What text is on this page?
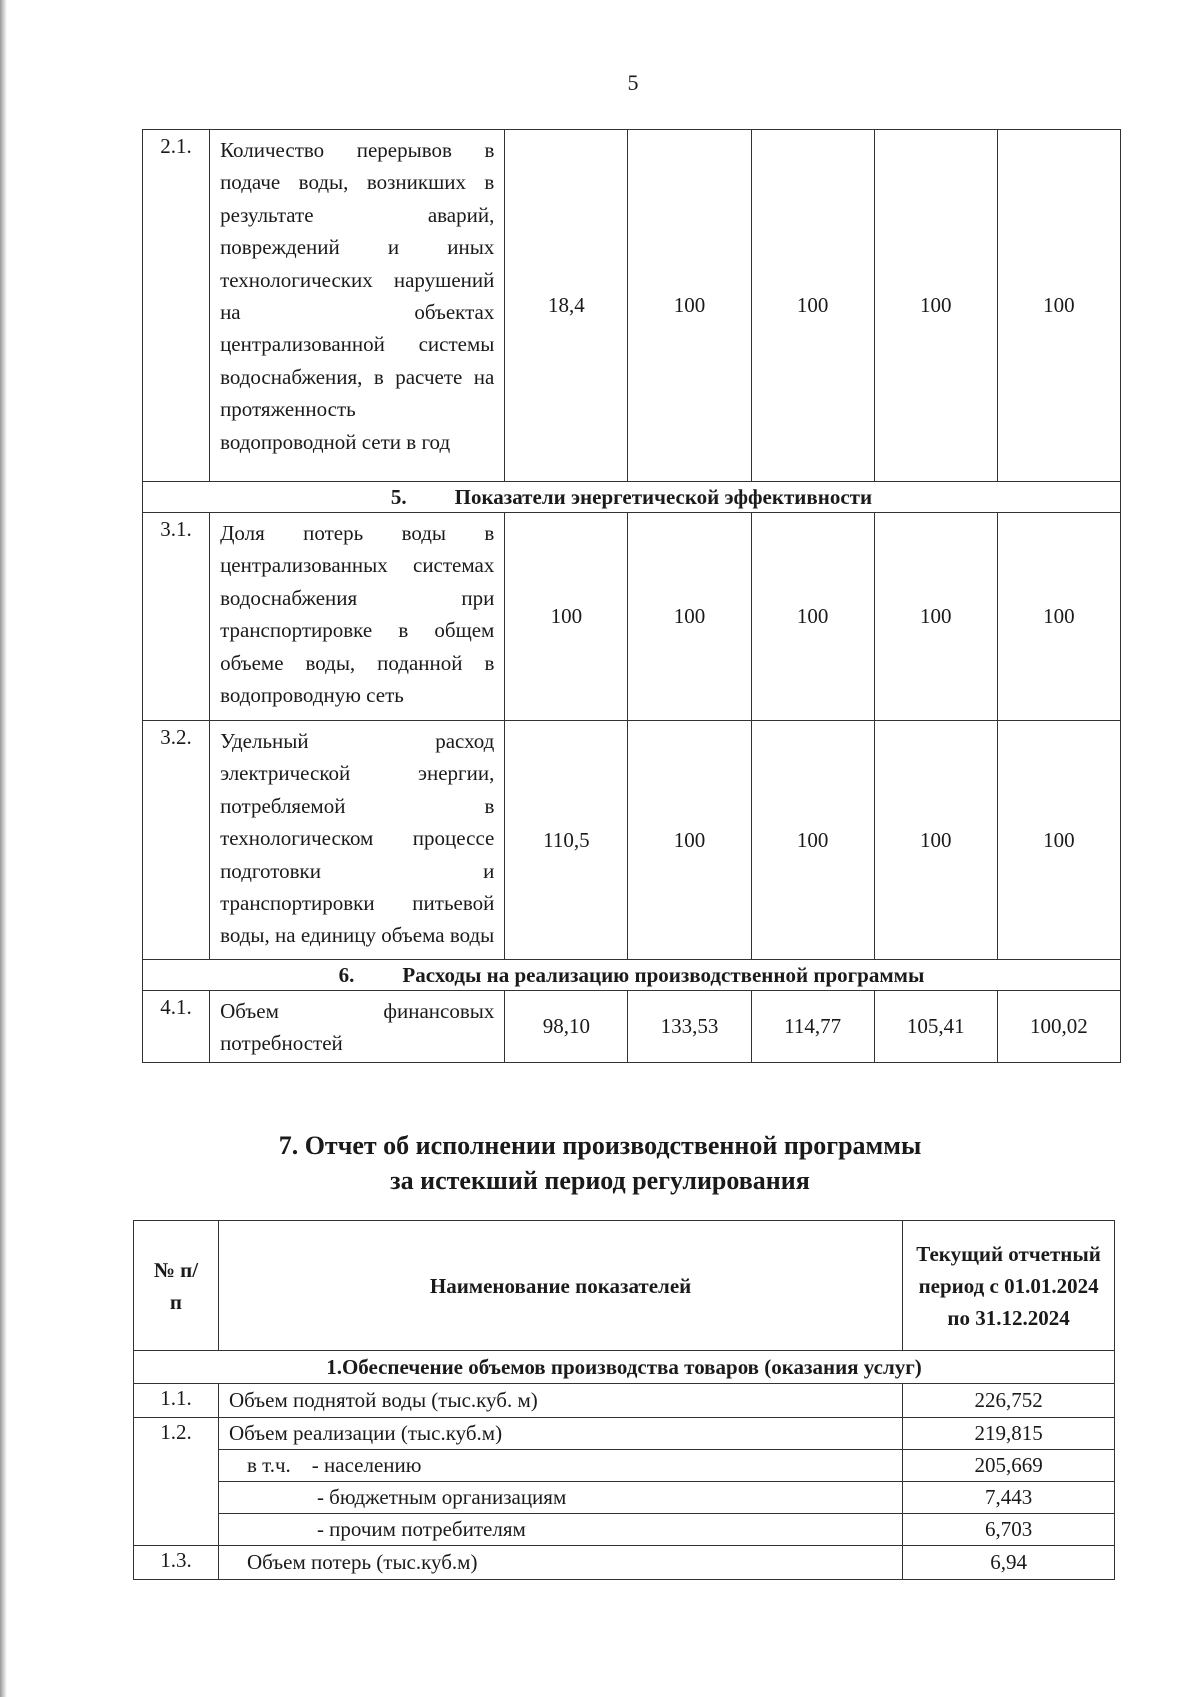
5
2.1.	Количество перерывов в подаче воды, возникших в результате аварий, повреждений и иных технологических нарушений на объектах централизованной системы водоснабжения, в расчете на протяженность водопроводной сети в год	18,4	100	100	100	100
5. Показатели энергетической эффективности						
3.1.	Доля потерь воды в централизованных системах водоснабжения при транспортировке в общем объеме воды, поданной в водопроводную сеть	100	100	100	100	100
3.2.	Удельный расход электрической энергии, потребляемой в технологическом процессе подготовки и транспортировки питьевой воды, на единицу объема воды	110,5	100	100	100	100
6. Расходы на реализацию производственной программы						
4.1.	Объем финансовых потребностей	98,10	133,53	114,77	105,41	100,02
7. Отчет об исполнении производственной программы
за истекший период регулирования
№ п/п	Наименование показателей	Текущий отчетный период с 01.01.2024 по 31.12.2024
1.Обеспечение объемов производства товаров (оказания услуг)		
1.1.	Объем поднятой воды (тыс.куб. м)	226,752
1.2.	Объем реализации (тыс.куб.м)	219,815
	в т.ч.    - населению	205,669
	- бюджетным организациям	7,443
	- прочим потребителям	6,703
1.3.	Объем потерь (тыс.куб.м)	6,94
